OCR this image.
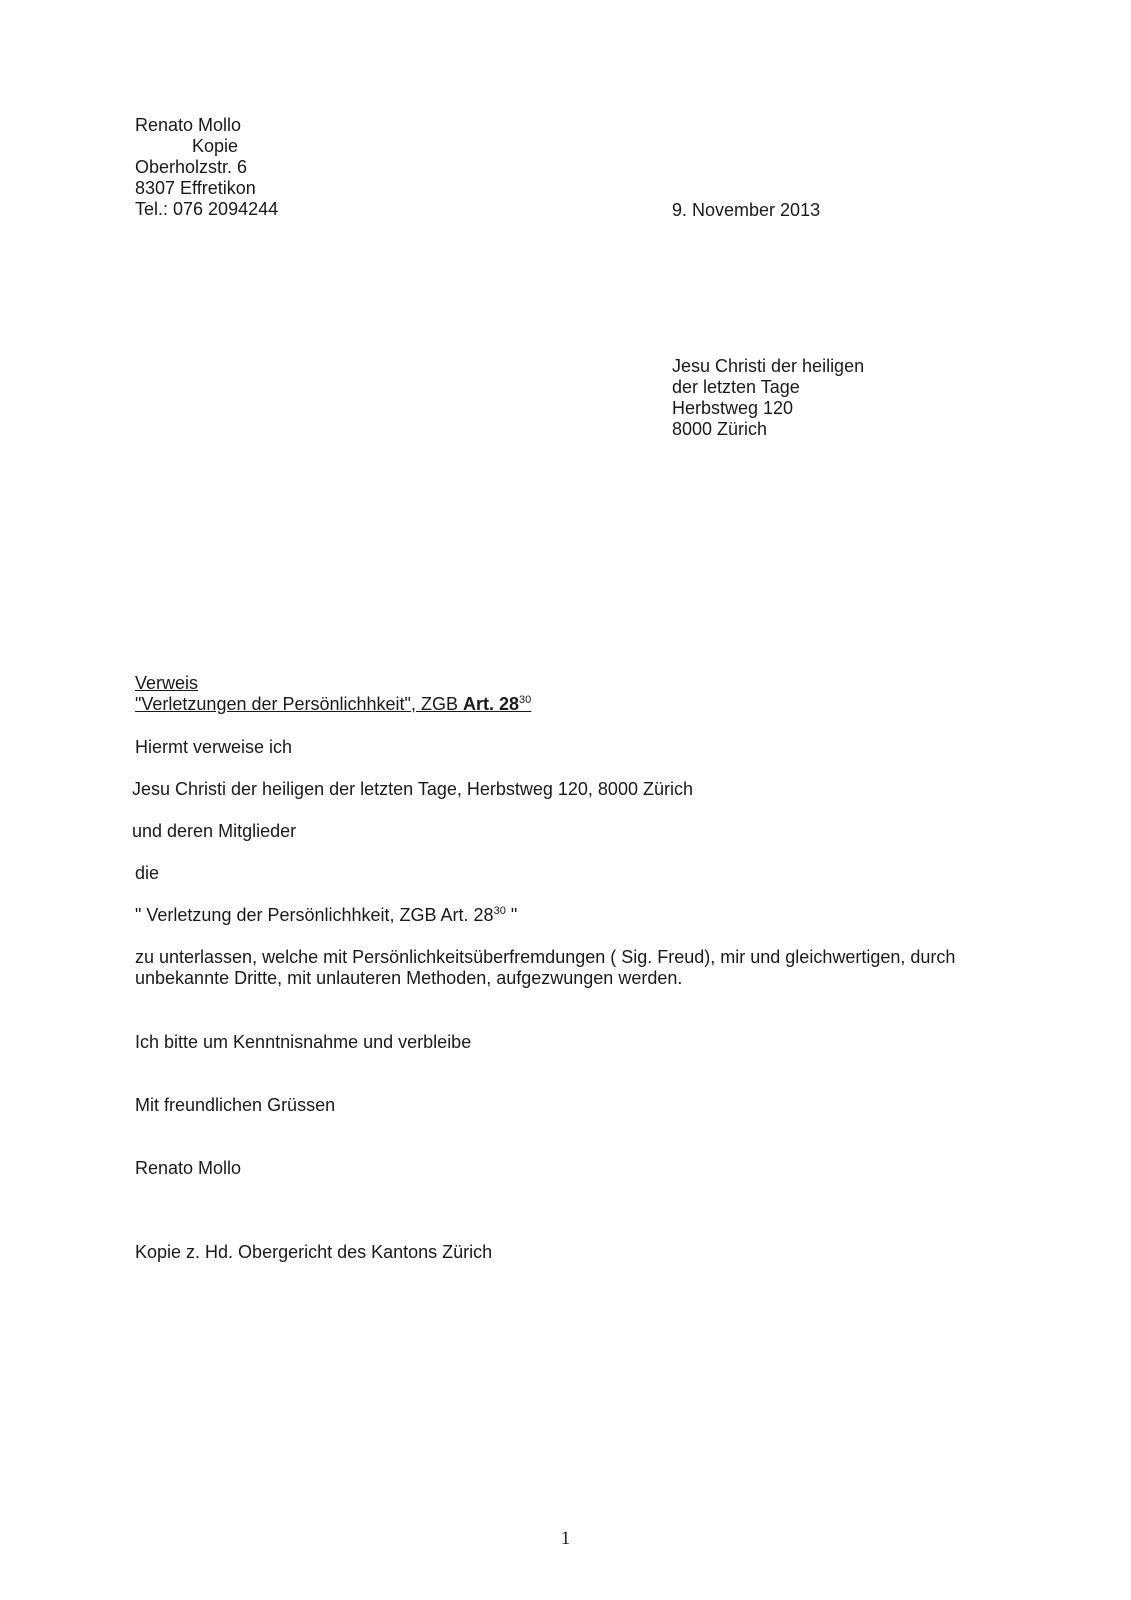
Renato Mollo
Kopie
Oberholzstr. 6
8307 Effretikon
Tel.: 076 2094244	9. November 2013
Jesu Christi der heiligen
der letzten Tage
Herbstweg 120
8000 Zürich
Verweis
"Verletzungen der Persönlichhkeit", ZGB Art. $28^{30}$
Hiermt verweise ich
Jesu Christi der heiligen der letzten Tage, Herbstweg 120, 8000 Zürich
und deren Mitglieder
die
" Verletzung der Persönlichhkeit, ZGB Art. $28^{30}$ "
zu unterlassen, welche mit Persönlichkeitsüberfremdungen ( Sig. Freud), mir und gleichwertigen, durch
unbekannte Dritte, mit unlauteren Methoden, aufgezwungen werden.
Ich bitte um Kenntnisnahme und verbleibe
Mit freundlichen Grüssen
Renato Mollo
Kopie z. Hd. Obergericht des Kantons Zürich
1
